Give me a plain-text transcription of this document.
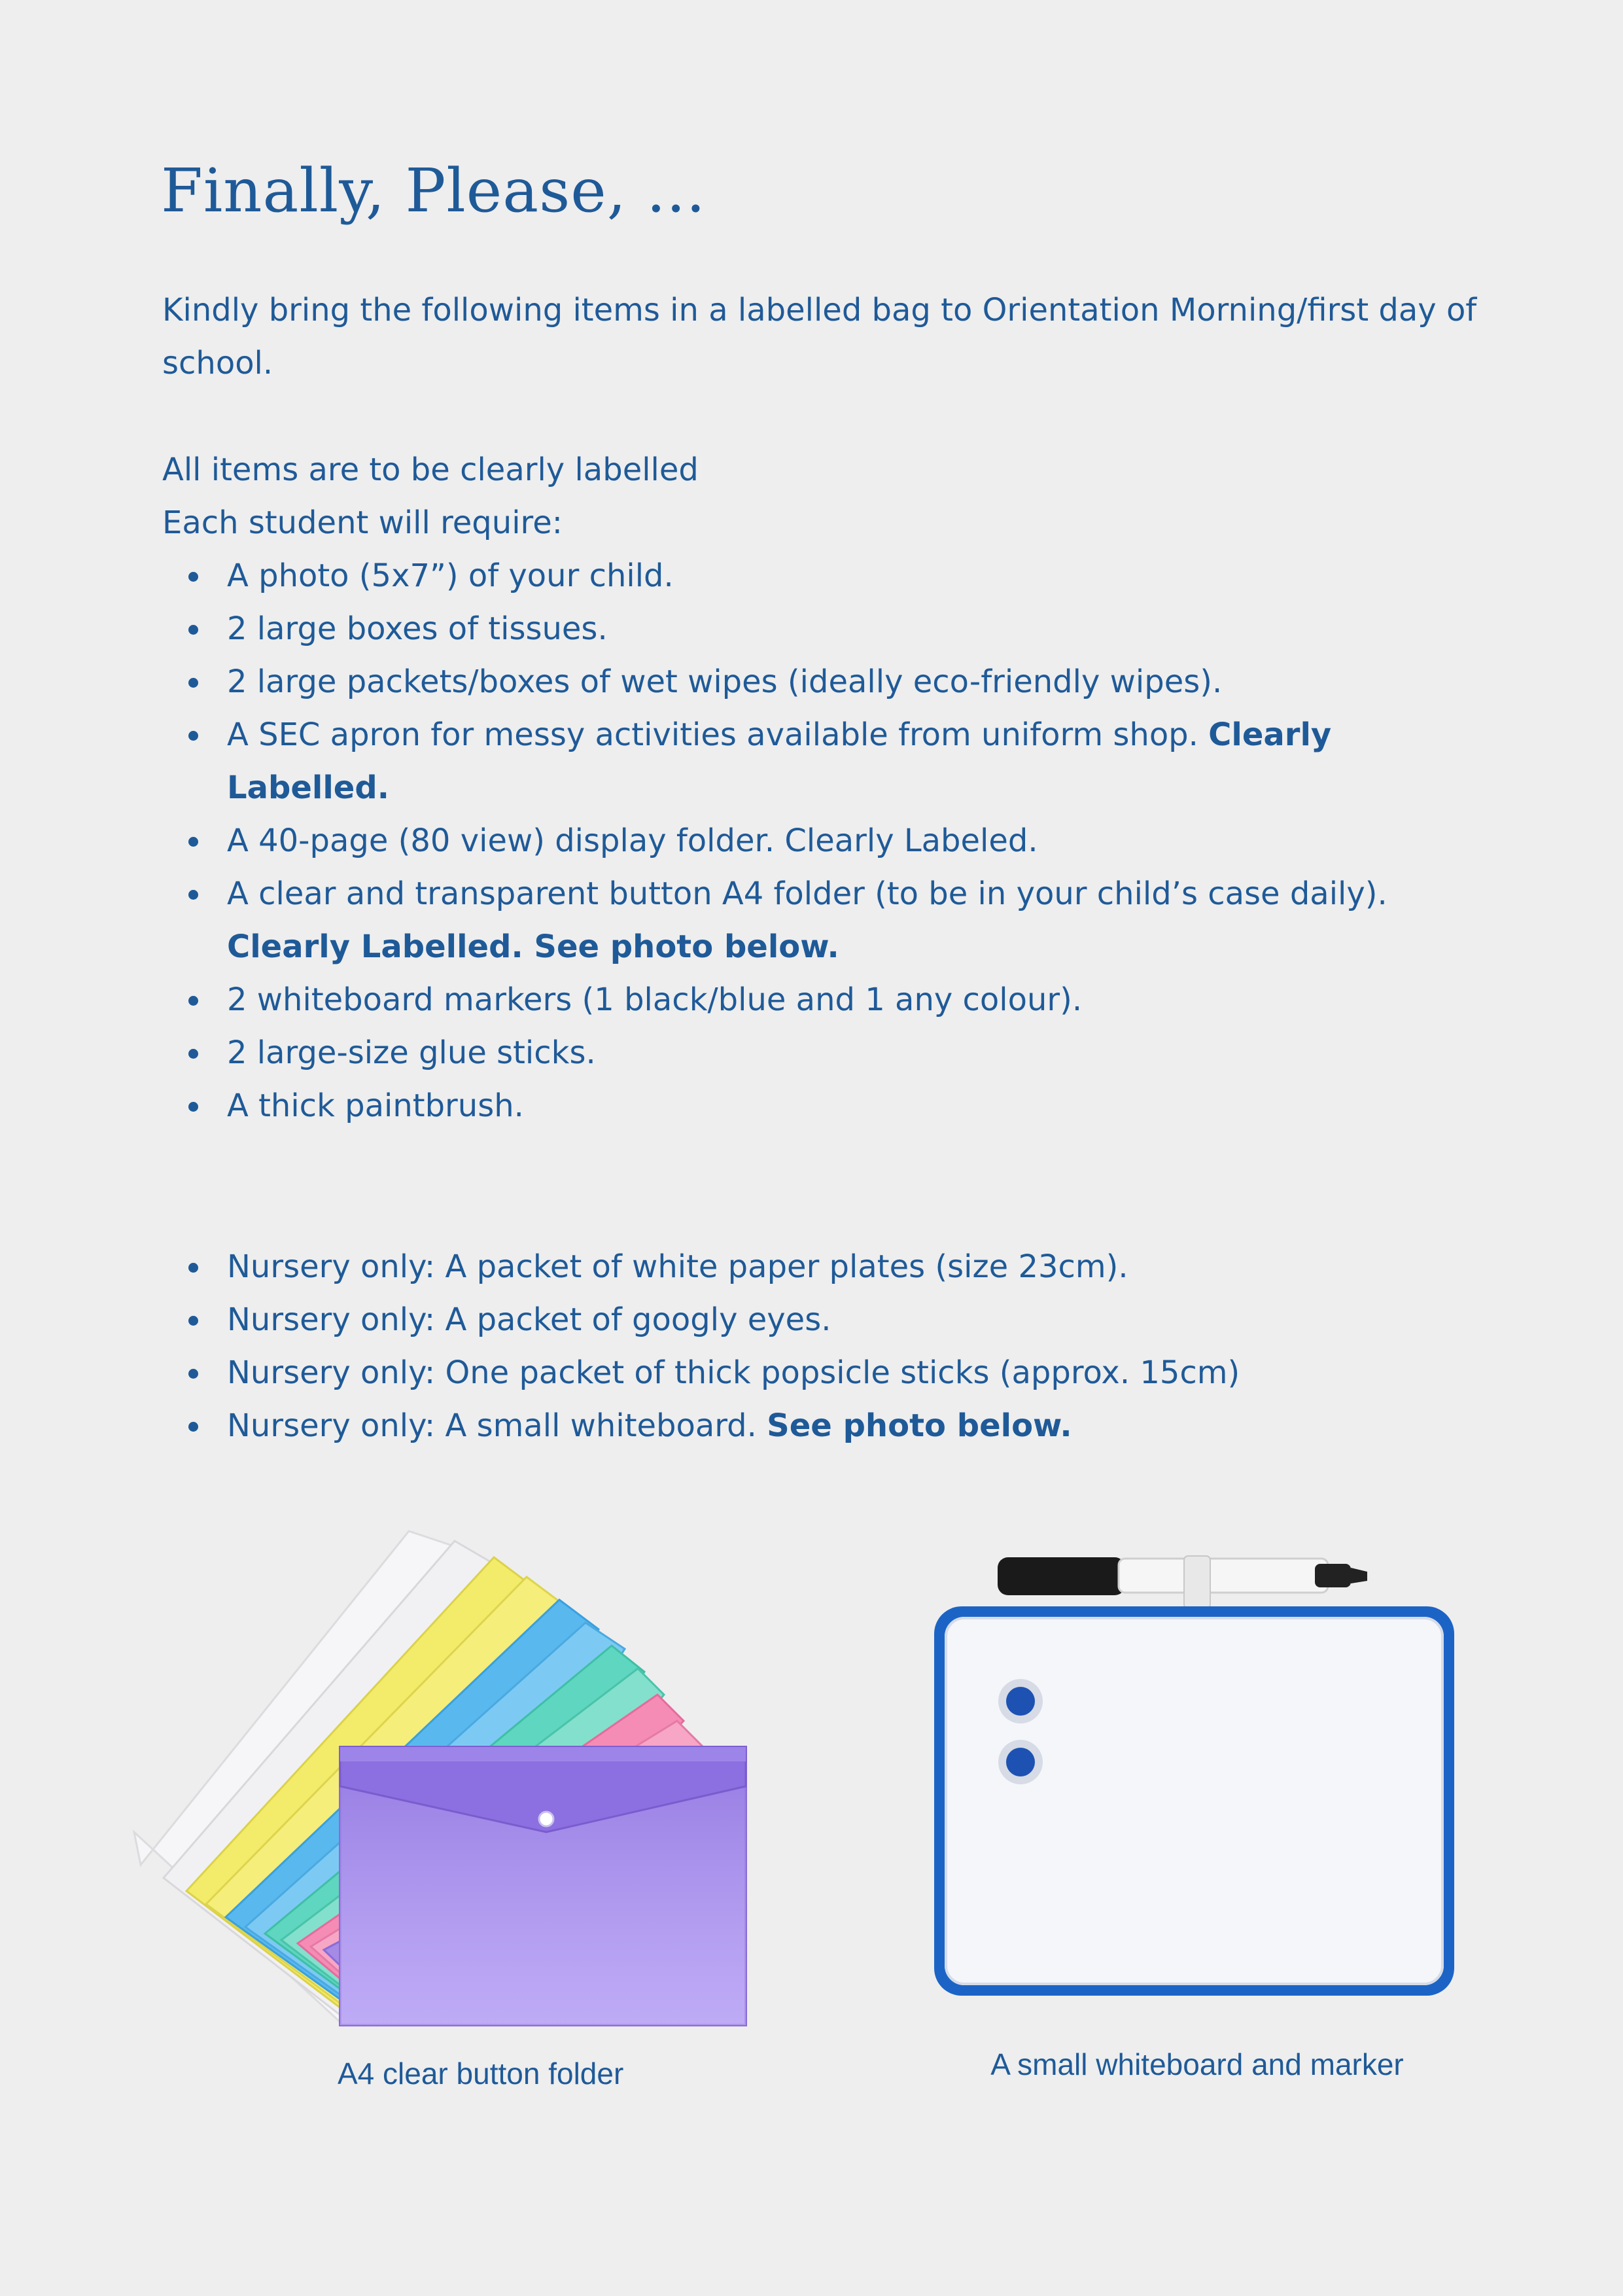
Finally, Please, ...

Kindly bring the following items in a labelled bag to Orientation Morning/first day of school.

All items are to be clearly labelled

Each student will require:

A photo (5x7”) of your child.
2 large boxes of tissues.
2 large packets/boxes of wet wipes (ideally eco-friendly wipes).
A SEC apron for messy activities available from uniform shop. Clearly Labelled.
A 40-page (80 view) display folder. Clearly Labeled.
A clear and transparent button A4 folder (to be in your child’s case daily). Clearly Labelled. See photo below.
2 whiteboard markers (1 black/blue and 1 any colour).
2 large-size glue sticks.
A thick paintbrush.
Nursery only: A packet of white paper plates (size 23cm).
Nursery only: A packet of googly eyes.
Nursery only: One packet of thick popsicle sticks (approx. 15cm)
Nursery only: A small whiteboard. See photo below.
A4 clear button folder	A small whiteboard and marker
